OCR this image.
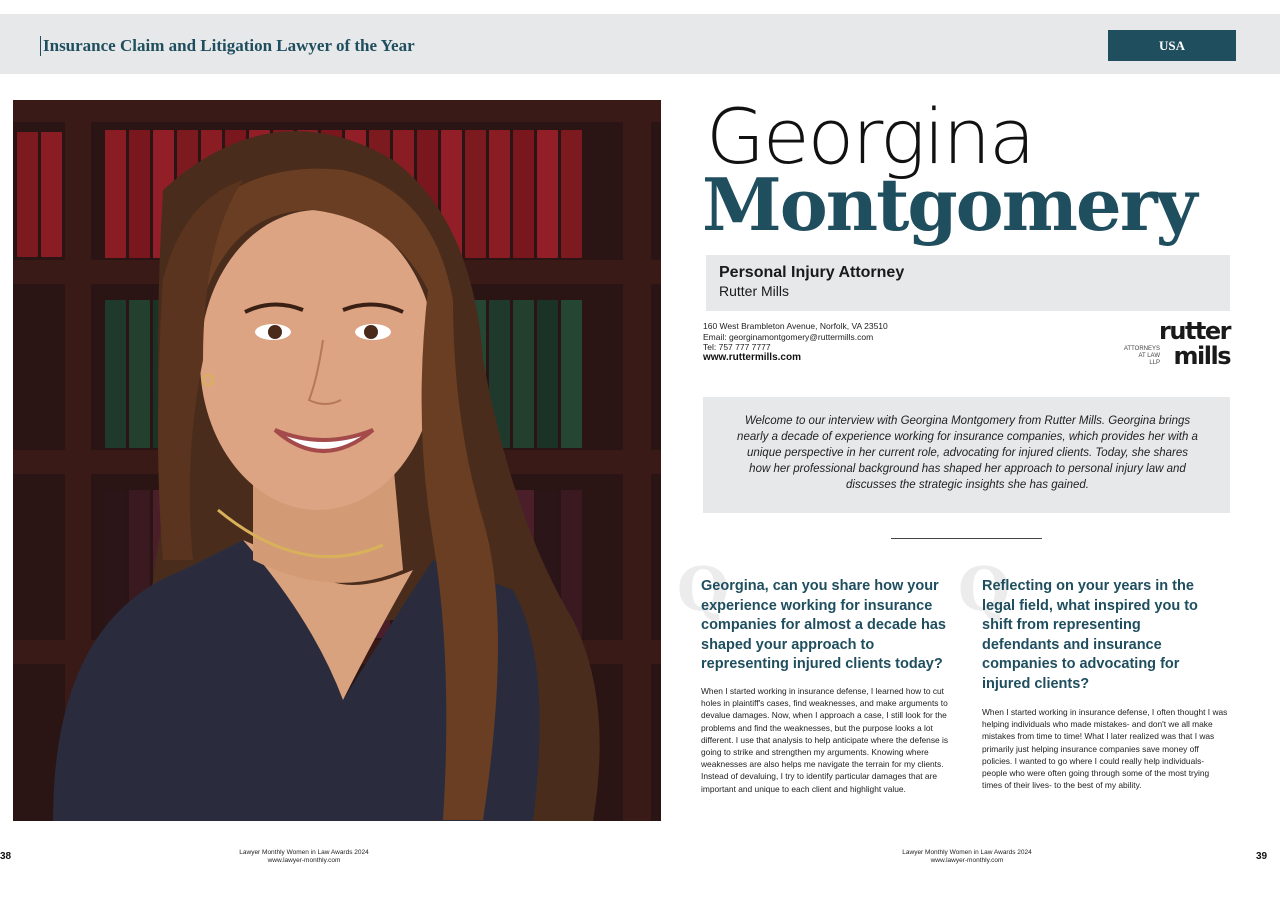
Insurance Claim and Litigation Lawyer of the Year	USA
Georgina
Montgomery
Personal Injury Attorney
Rutter Mills
160 West Brambleton Avenue, Norfolk, VA 23510
Email: georginamontgomery@ruttermills.com
Tel: 757 777 7777
www.ruttermills.com
rutter
ATTORNEYS
AT LAW
LLP mills
Welcome to our interview with Georgina Montgomery from Rutter Mills. Georgina brings nearly a decade of experience working for insurance companies, which provides her with a unique perspective in her current role, advocating for injured clients. Today, she shares how her professional background has shaped her approach to personal injury law and discusses the strategic insights she has gained.
Q
Georgina, can you share how your experience working for insurance companies for almost a decade has shaped your approach to representing injured clients today?
When I started working in insurance defense, I learned how to cut holes in plaintiff's cases, find weaknesses, and make arguments to devalue damages. Now, when I approach a case, I still look for the problems and find the weaknesses, but the purpose looks a lot different. I use that analysis to help anticipate where the defense is going to strike and strengthen my arguments. Knowing where weaknesses are also helps me navigate the terrain for my clients. Instead of devaluing, I try to identify particular damages that are important and unique to each client and highlight value.
Q
Reflecting on your years in the legal field, what inspired you to shift from representing defendants and insurance companies to advocating for injured clients?
When I started working in insurance defense, I often thought I was helping individuals who made mistakes- and don't we all make mistakes from time to time! What I later realized was that I was primarily just helping insurance companies save money off policies. I wanted to go where I could really help individuals- people who were often going through some of the most trying times of their lives- to the best of my ability.
38	Lawyer Monthly Women in Law Awards 2024
www.lawyer-monthly.com
Lawyer Monthly Women in Law Awards 2024
www.lawyer-monthly.com	39
